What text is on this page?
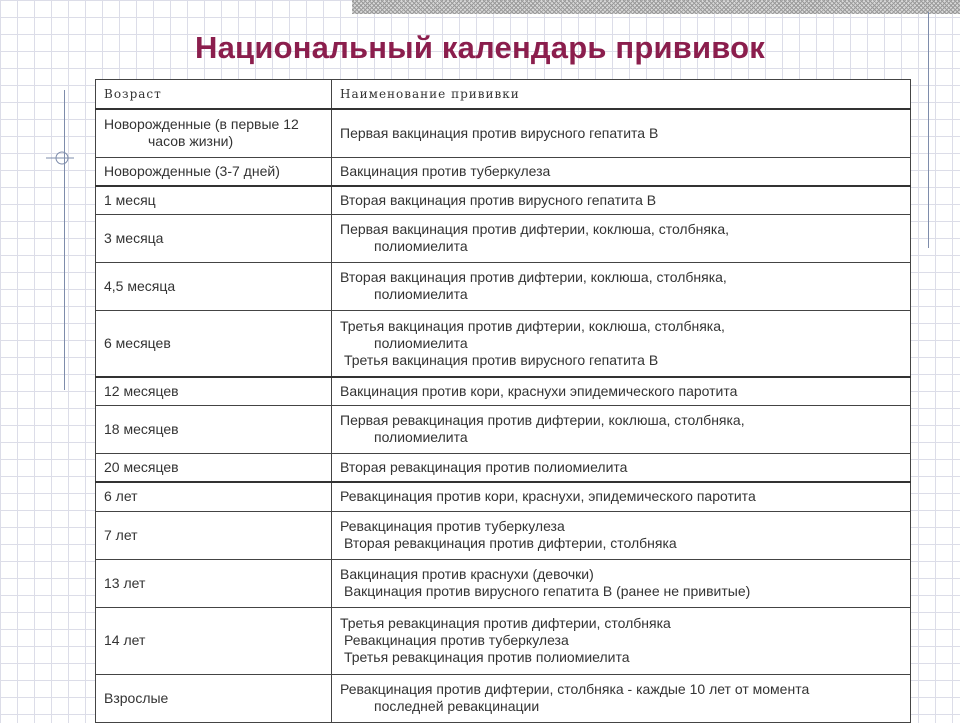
Национальный календарь прививок
Возраст	Наименование прививки
Новорожденные (в первые 12
часов жизни)	Первая вакцинация против вирусного гепатита В

Новорожденные (3-7 дней)	Вакцинация против туберкулеза

1 месяц	Вторая вакцинация против вирусного гепатита В

3 месяца	Первая вакцинация против дифтерии, коклюша, столбняка,
полиомиелита

4,5 месяца	Вторая вакцинация против дифтерии, коклюша, столбняка,
полиомиелита

6 месяцев	Третья вакцинация против дифтерии, коклюша, столбняка,
полиомиелита
Третья вакцинация против вирусного гепатита В

12 месяцев	Вакцинация против кори, краснухи эпидемического паротита

18 месяцев	Первая ревакцинация против дифтерии, коклюша, столбняка,
полиомиелита

20 месяцев	Вторая ревакцинация против полиомиелита

6 лет	Ревакцинация против кори, краснухи, эпидемического паротита

7 лет	Ревакцинация против туберкулеза
Вторая ревакцинация против дифтерии, столбняка

13 лет	Вакцинация против краснухи (девочки)
Вакцинация против вирусного гепатита В (ранее не привитые)

14 лет	Третья ревакцинация против дифтерии, столбняка
Ревакцинация против туберкулеза
Третья ревакцинация против полиомиелита

Взрослые	Ревакцинация против дифтерии, столбняка - каждые 10 лет от момента
последней ревакцинации
